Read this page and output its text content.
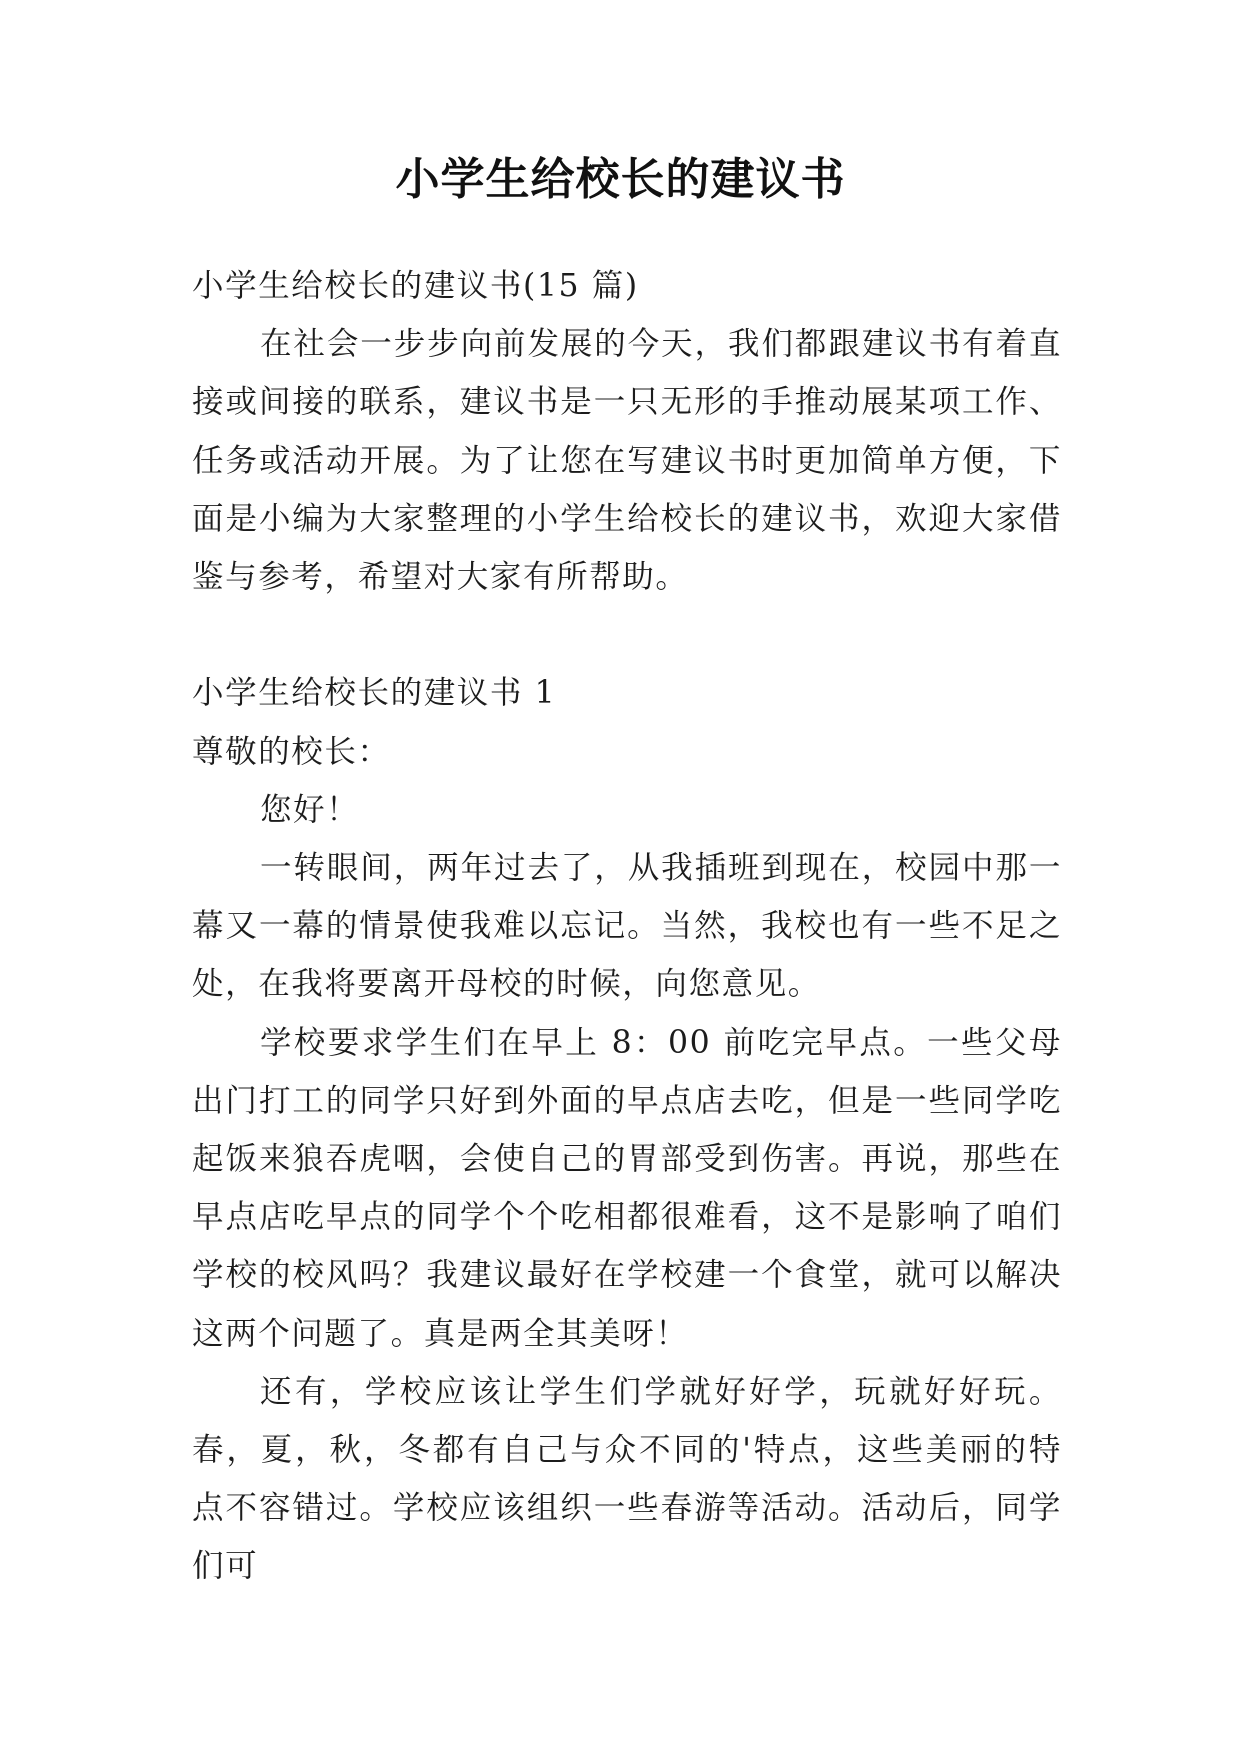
小学生给校长的建议书

小学生给校长的建议书(15 篇)

在社会一步步向前发展的今天，我们都跟建议书有着直接或间接的联系，建议书是一只无形的手推动展某项工作、任务或活动开展。为了让您在写建议书时更加简单方便，下面是小编为大家整理的小学生给校长的建议书，欢迎大家借鉴与参考，希望对大家有所帮助。

小学生给校长的建议书 1

尊敬的校长：

您好！

一转眼间，两年过去了，从我插班到现在，校园中那一幕又一幕的情景使我难以忘记。当然，我校也有一些不足之处，在我将要离开母校的时候，向您意见。

学校要求学生们在早上 8：00 前吃完早点。一些父母出门打工的同学只好到外面的早点店去吃，但是一些同学吃起饭来狼吞虎咽，会使自己的胃部受到伤害。再说，那些在早点店吃早点的同学个个吃相都很难看，这不是影响了咱们学校的校风吗？我建议最好在学校建一个食堂，就可以解决这两个问题了。真是两全其美呀！

还有，学校应该让学生们学就好好学，玩就好好玩。春，夏，秋，冬都有自己与众不同的'特点，这些美丽的特点不容错过。学校应该组织一些春游等活动。活动后，同学们可
